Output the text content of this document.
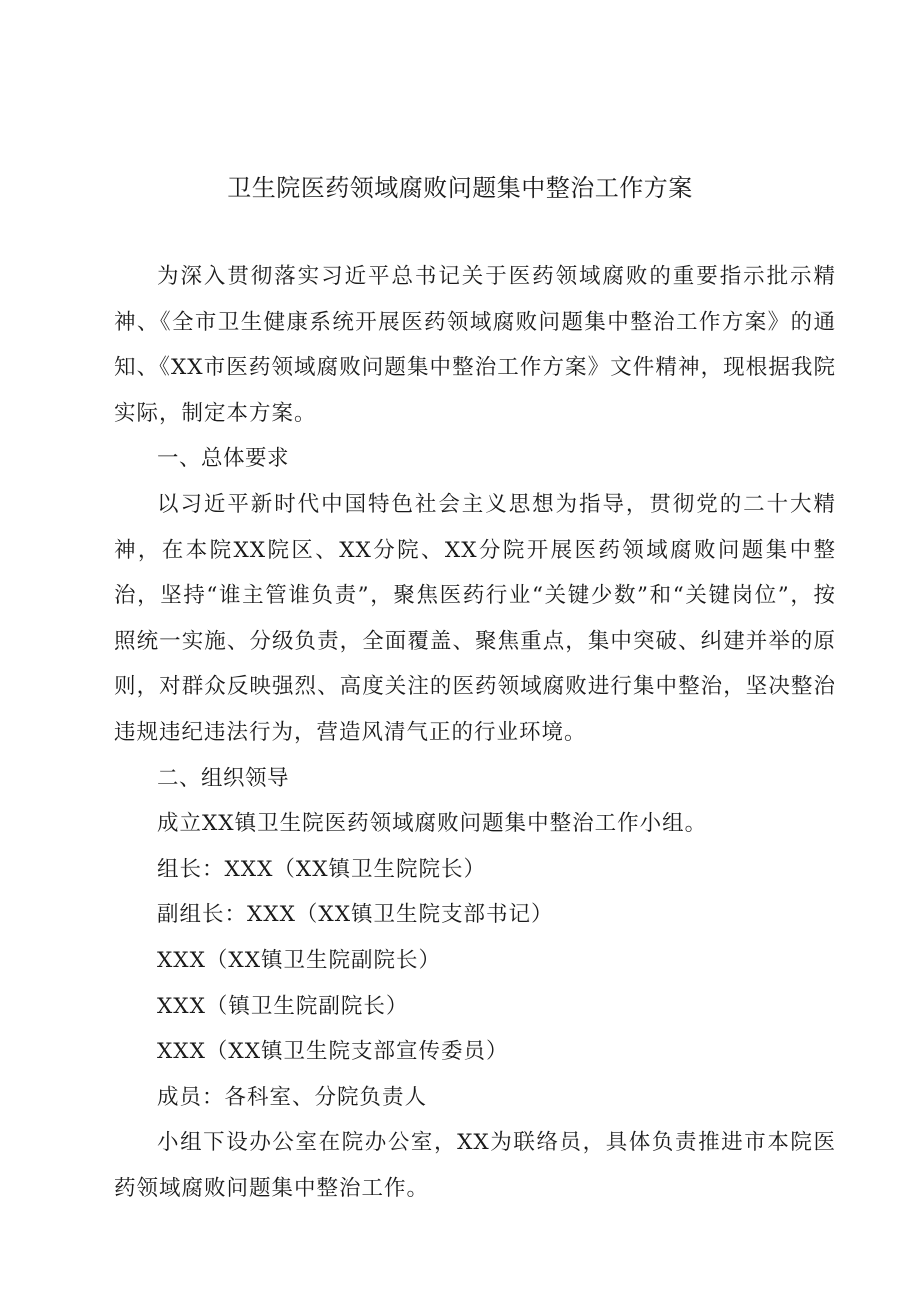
卫生院医药领域腐败问题集中整治工作方案

为深入贯彻落实习近平总书记关于医药领域腐败的重要指示批示精神、《全市卫生健康系统开展医药领域腐败问题集中整治工作方案》的通知、《XX市医药领域腐败问题集中整治工作方案》文件精神，现根据我院实际，制定本方案。

一、总体要求

以习近平新时代中国特色社会主义思想为指导，贯彻党的二十大精神，在本院XX院区、XX分院、XX分院开展医药领域腐败问题集中整治，坚持“谁主管谁负责”，聚焦医药行业“关键少数”和“关键岗位”，按照统一实施、分级负责，全面覆盖、聚焦重点，集中突破、纠建并举的原则，对群众反映强烈、高度关注的医药领域腐败进行集中整治，坚决整治违规违纪违法行为，营造风清气正的行业环境。

二、组织领导

成立XX镇卫生院医药领域腐败问题集中整治工作小组。

组长：XXX（XX镇卫生院院长）

副组长：XXX（XX镇卫生院支部书记）

XXX（XX镇卫生院副院长）

XXX（镇卫生院副院长）

XXX（XX镇卫生院支部宣传委员）

成员：各科室、分院负责人

小组下设办公室在院办公室，XX为联络员，具体负责推进市本院医药领域腐败问题集中整治工作。
